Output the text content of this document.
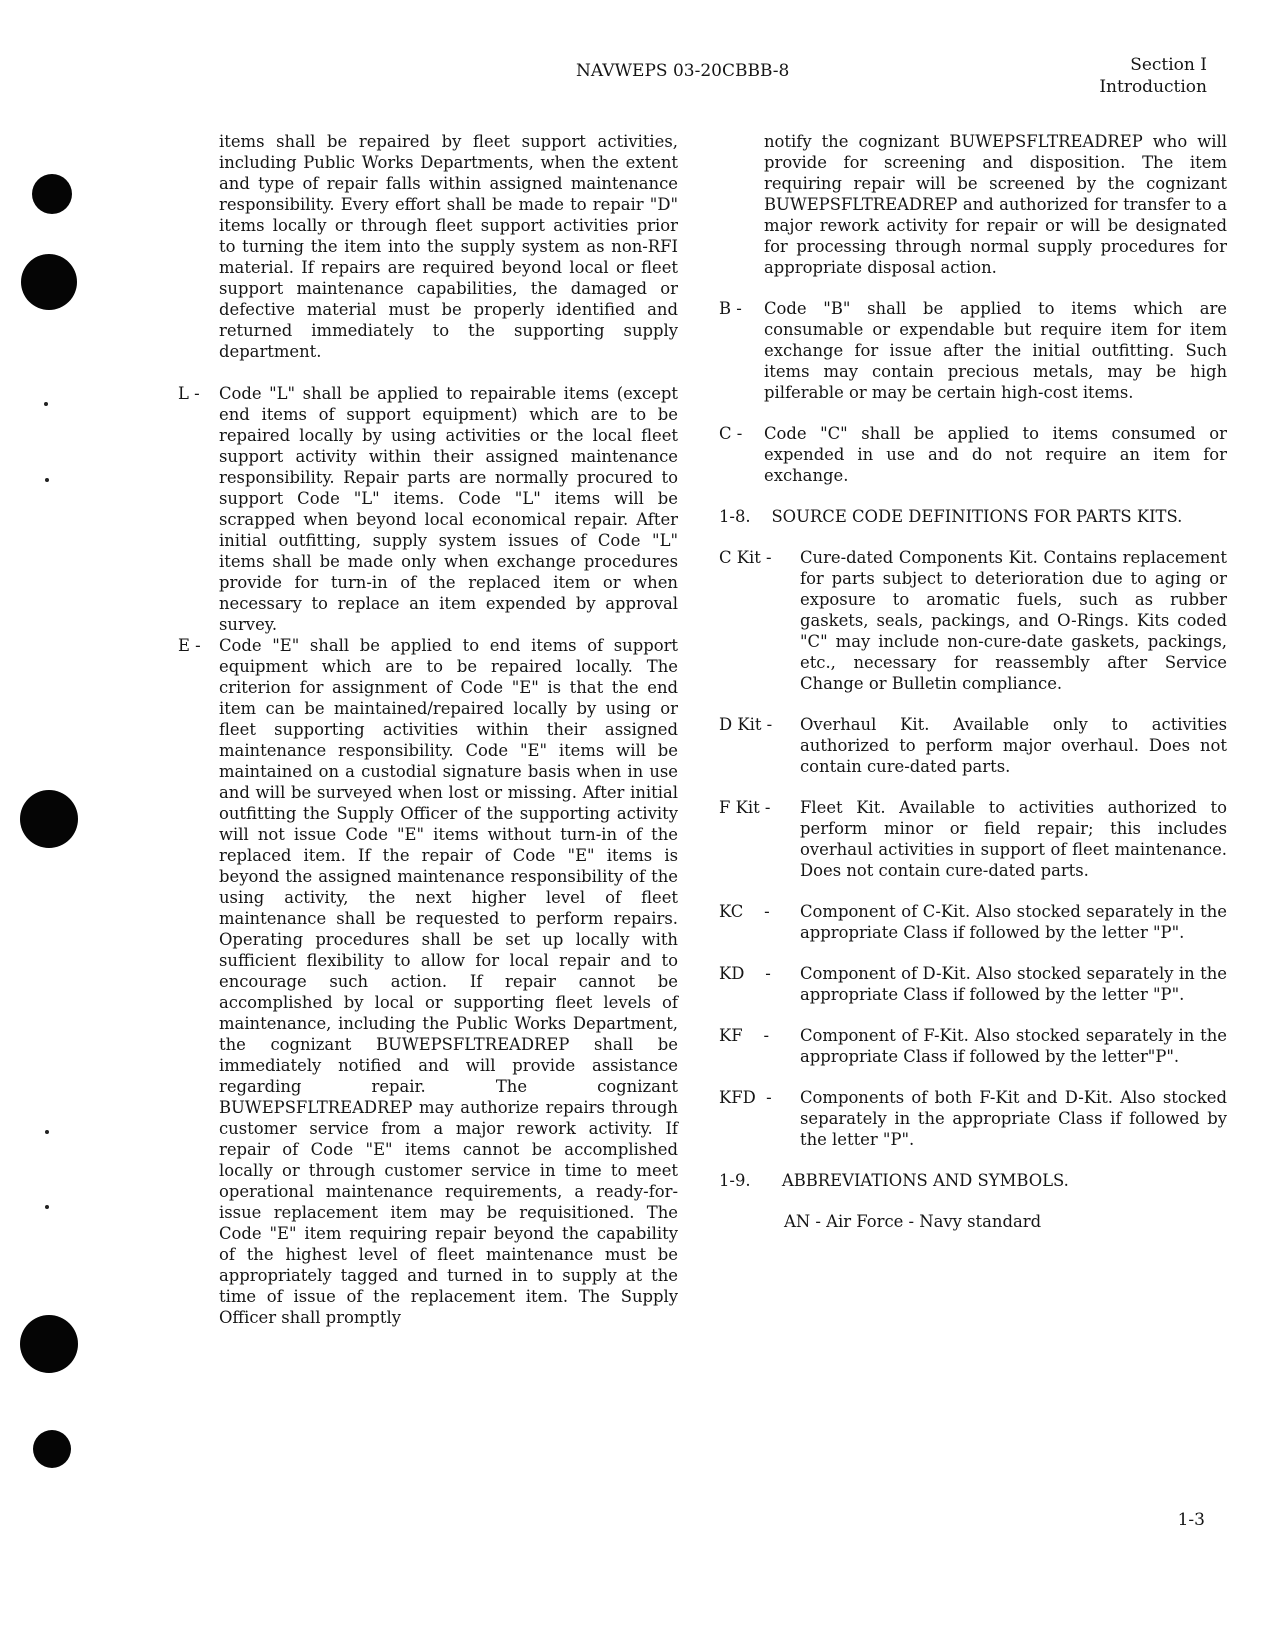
NAVWEPS 03-20CBBB-8	Section I
Introduction

items shall be repaired by fleet support activities, including Public Works Departments, when the extent and type of repair falls within assigned maintenance responsibility. Every effort shall be made to repair "D" items locally or through fleet support activities prior to turning the item into the supply system as non-RFI material. If repairs are required beyond local or fleet support maintenance capabilities, the damaged or defective material must be properly identified and returned immediately to the supporting supply department.

L - Code "L" shall be applied to repairable items (except end items of support equipment) which are to be repaired locally by using activities or the local fleet support activity within their assigned maintenance responsibility. Repair parts are normally procured to support Code "L" items. Code "L" items will be scrapped when beyond local economical repair. After initial outfitting, supply system issues of Code "L" items shall be made only when exchange procedures provide for turn-in of the replaced item or when necessary to replace an item expended by approval survey.

E - Code "E" shall be applied to end items of support equipment which are to be repaired locally. The criterion for assignment of Code "E" is that the end item can be maintained/repaired locally by using or fleet supporting activities within their assigned maintenance responsibility. Code "E" items will be maintained on a custodial signature basis when in use and will be surveyed when lost or missing. After initial outfitting the Supply Officer of the supporting activity will not issue Code "E" items without turn-in of the replaced item. If the repair of Code "E" items is beyond the assigned maintenance responsibility of the using activity, the next higher level of fleet maintenance shall be requested to perform repairs. Operating procedures shall be set up locally with sufficient flexibility to allow for local repair and to encourage such action. If repair cannot be accomplished by local or supporting fleet levels of maintenance, including the Public Works Department, the cognizant BUWEPSFLTREADREP shall be immediately notified and will provide assistance regarding repair. The cognizant BUWEPSFLTREADREP may authorize repairs through customer service from a major rework activity. If repair of Code "E" items cannot be accomplished locally or through customer service in time to meet operational maintenance requirements, a ready-for-issue replacement item may be requisitioned. The Code "E" item requiring repair beyond the capability of the highest level of fleet maintenance must be appropriately tagged and turned in to supply at the time of issue of the replacement item. The Supply Officer shall promptly

notify the cognizant BUWEPSFLTREADREP who will provide for screening and disposition. The item requiring repair will be screened by the cognizant BUWEPSFLTREADREP and authorized for transfer to a major rework activity for repair or will be designated for processing through normal supply procedures for appropriate disposal action.

B - Code "B" shall be applied to items which are consumable or expendable but require item for item exchange for issue after the initial outfitting. Such items may contain precious metals, may be high pilferable or may be certain high-cost items.

C - Code "C" shall be applied to items consumed or expended in use and do not require an item for exchange.

1-8. SOURCE CODE DEFINITIONS FOR PARTS KITS.

C Kit - Cure-dated Components Kit. Contains replacement for parts subject to deterioration due to aging or exposure to aromatic fuels, such as rubber gaskets, seals, packings, and O-Rings. Kits coded "C" may include non-cure-date gaskets, packings, etc., necessary for reassembly after Service Change or Bulletin compliance.

D Kit - Overhaul Kit. Available only to activities authorized to perform major overhaul. Does not contain cure-dated parts.

F Kit - Fleet Kit. Available to activities authorized to perform minor or field repair; this includes overhaul activities in support of fleet maintenance. Does not contain cure-dated parts.

KC    - Component of C-Kit. Also stocked separately in the appropriate Class if followed by the letter "P".

KD    - Component of D-Kit. Also stocked separately in the appropriate Class if followed by the letter "P".

KF    - Component of F-Kit. Also stocked separately in the appropriate Class if followed by the letter"P".

KFD  - Components of both F-Kit and D-Kit. Also stocked separately in the appropriate Class if followed by the letter "P".

1-9. ABBREVIATIONS AND SYMBOLS.

AN - Air Force - Navy standard

1-3
